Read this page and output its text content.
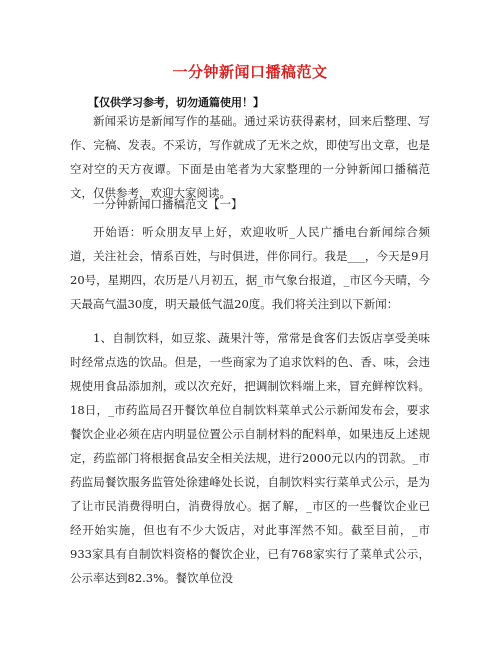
一分钟新闻口播稿范文
【仅供学习参考，切勿通篇使用！】

新闻采访是新闻写作的基础。通过采访获得素材，回来后整理、写作、完稿、发表。不采访，写作就成了无米之炊，即使写出文章，也是空对空的天方夜谭。下面是由笔者为大家整理的一分钟新闻口播稿范文，仅供参考，欢迎大家阅读。

一分钟新闻口播稿范文【一】

开始语：听众朋友早上好，欢迎收听_人民广播电台新闻综合频道，关注社会，情系百姓，与时俱进，伴你同行。我是___，今天是9月20号，星期四，农历是八月初五，据_市气象台报道，_市区今天晴，今天最高气温30度，明天最低气温20度。我们将关注到以下新闻：

1、自制饮料，如豆浆、蔬果汁等，常常是食客们去饭店享受美味时经常点选的饮品。但是，一些商家为了追求饮料的色、香、味，会违规使用食品添加剂，或以次充好，把调制饮料端上来，冒充鲜榨饮料。18日，_市药监局召开餐饮单位自制饮料菜单式公示新闻发布会，要求餐饮企业必须在店内明显位置公示自制材料的配料单，如果违反上述规定，药监部门将根据食品安全相关法规，进行2000元以内的罚款。_市药监局餐饮服务监管处徐建峰处长说，自制饮料实行菜单式公示，是为了让市民消费得明白，消费得放心。据了解，_市区的一些餐饮企业已经开始实施，但也有不少大饭店，对此事浑然不知。截至目前，_市933家具有自制饮料资格的餐饮企业，已有768家实行了菜单式公示，公示率达到82.3%。餐饮单位没
